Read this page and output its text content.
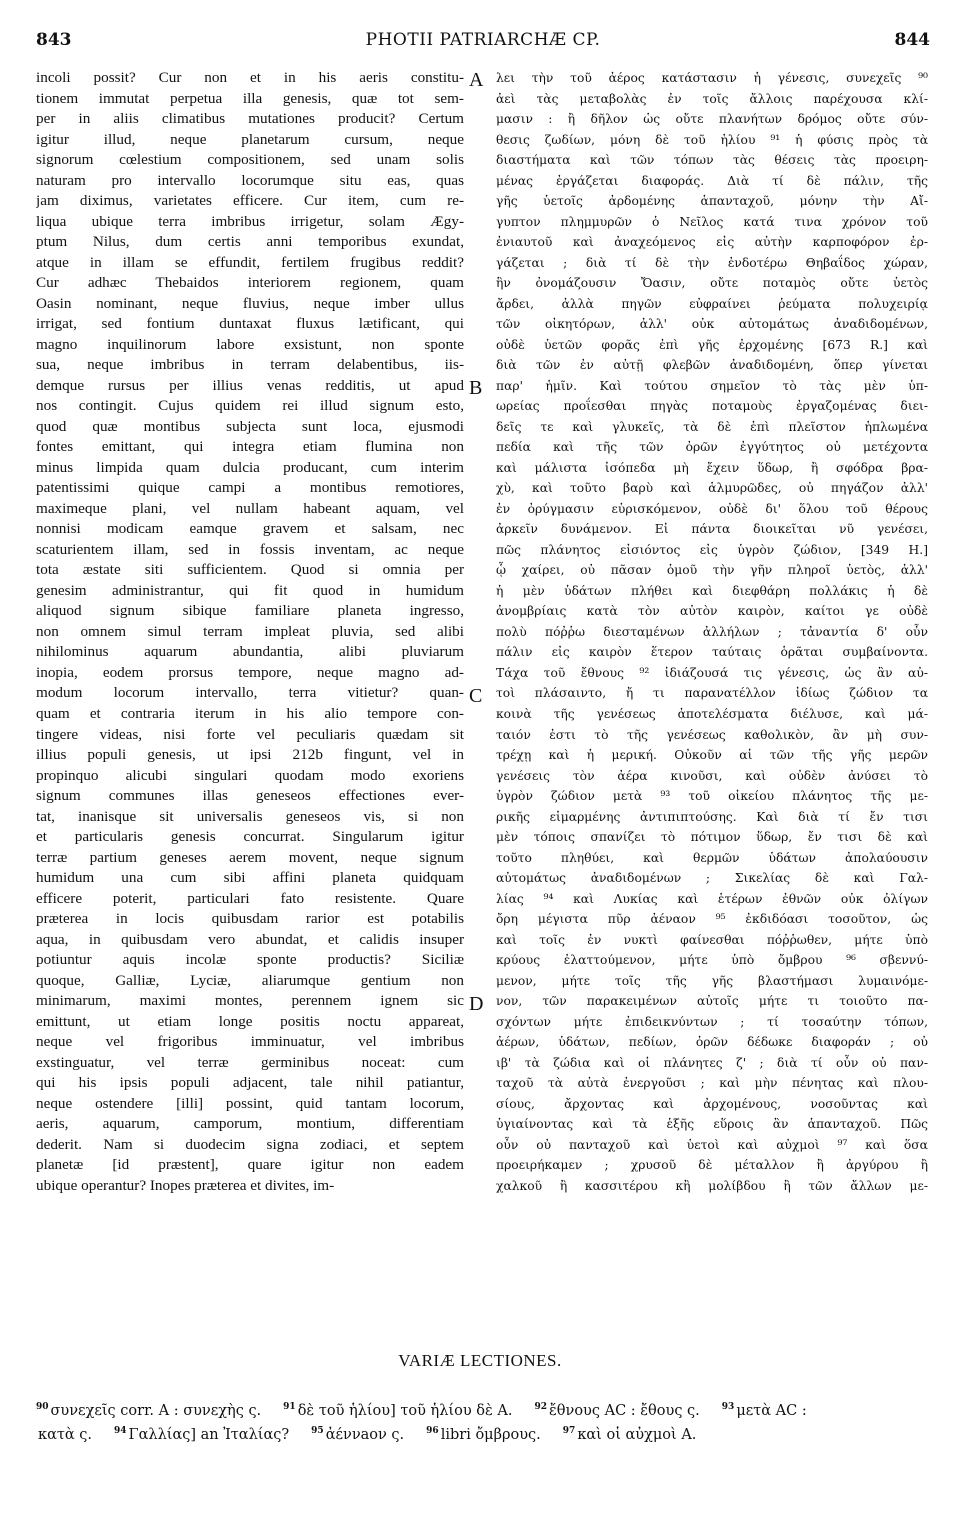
843	PHOTII PATRIARCHÆ CP.	844
incoli possit? Cur non et in his aeris constitu-
tionem immutat perpetua illa genesis, quæ tot sem-
per in aliis climatibus mutationes producit? Certum
igitur illud, neque planetarum cursum, neque
signorum cœlestium compositionem, sed unam solis
naturam pro intervallo locorumque situ eas, quas
jam diximus, varietates efficere. Cur item, cum re-
liqua ubique terra imbribus irrigetur, solam Ægy-
ptum Nilus, dum certis anni temporibus exundat,
atque in illam se effundit, fertilem frugibus reddit?
Cur adhæc Thebaidos interiorem regionem, quam
Oasin nominant, neque fluvius, neque imber ullus
irrigat, sed fontium duntaxat fluxus lætificant, qui
magno inquilinorum labore exsistunt, non sponte
sua, neque imbribus in terram delabentibus, iis-
demque rursus per illius venas redditis, ut apud
nos contingit. Cujus quidem rei illud signum esto,
quod quæ montibus subjecta sunt loca, ejusmodi
fontes emittant, qui integra etiam flumina non
minus limpida quam dulcia producant, cum interim
patentissimi quique campi a montibus remotiores,
maximeque plani, vel nullam habeant aquam, vel
nonnisi modicam eamque gravem et salsam, nec
scaturientem illam, sed in fossis inventam, ac neque
tota æstate siti sufficientem. Quod si omnia per
genesim administrantur, qui fit quod in humidum
aliquod signum sibique familiare planeta ingresso,
non omnem simul terram impleat pluvia, sed alibi
nihilominus aquarum abundantia, alibi pluviarum
inopia, eodem prorsus tempore, neque magno ad-
modum locorum intervallo, terra vitietur? quan-
quam et contraria iterum in his alio tempore con-
tingere videas, nisi forte vel peculiaris quædam sit
illius populi genesis, ut ipsi 212b fingunt, vel in
propinquo alicubi singulari quodam modo exoriens
signum communes illas geneseos effectiones ever-
tat, inanisque sit universalis geneseos vis, si non
et particularis genesis concurrat. Singularum igitur
terræ partium geneses aerem movent, neque signum
humidum una cum sibi affini planeta quidquam
efficere poterit, particulari fato resistente. Quare
præterea in locis quibusdam rarior est potabilis
aqua, in quibusdam vero abundat, et calidis insuper
potiuntur aquis incolæ sponte productis? Siciliæ
quoque, Galliæ, Lyciæ, aliarumque gentium non
minimarum, maximi montes, perennem ignem sic
emittunt, ut etiam longe positis noctu appareat,
neque vel frigoribus imminuatur, vel imbribus
exstinguatur, vel terræ germinibus noceat: cum
qui his ipsis populi adjacent, tale nihil patiantur,
neque ostendere [illi] possint, quid tantam locorum,
aeris, aquarum, camporum, montium, differentiam
dederit. Nam si duodecim signa zodiaci, et septem
planetæ [id præstent], quare igitur non eadem
ubique operantur? Inopes præterea et divites, im-
λει τὴν τοῦ ἀέρος κατάστασιν ἡ γένεσις, συνεχεῖς ⁹⁰
ἀεὶ τὰς μεταβολὰς ἐν τοῖς ἄλλοις παρέχουσα κλί-
μασιν : ἢ δῆλον ὡς οὔτε πλανήτων δρόμος οὔτε σύν-
θεσις ζωδίων, μόνη δὲ τοῦ ἡλίου ⁹¹ ἡ φύσις πρὸς τὰ
διαστήματα καὶ τῶν τόπων τὰς θέσεις τὰς προειρη-
μένας ἐργάζεται διαφοράς. Διὰ τί δὲ πάλιν, τῆς
γῆς ὑετοῖς ἀρδομένης ἁπανταχοῦ, μόνην τὴν Αἴ-
γυπτον πλημμυρῶν ὁ Νεῖλος κατά τινα χρόνον τοῦ
ἐνιαυτοῦ καὶ ἀναχεόμενος εἰς αὐτὴν καρποφόρον ἐρ-
γάζεται ; διὰ τί δὲ τὴν ἐνδοτέρω Θηβαΐδος χώραν,
ἣν ὀνομάζουσιν Ὄασιν, οὔτε ποταμὸς οὔτε ὑετὸς
ἄρδει, ἀλλὰ πηγῶν εὐφραίνει ῥεύματα πολυχειρίᾳ
τῶν οἰκητόρων, ἀλλ' οὐκ αὐτομάτως ἀναδιδομένων,
οὐδὲ ὑετῶν φορᾶς ἐπὶ γῆς ἐρχομένης [673 R.] καὶ
διὰ τῶν ἐν αὐτῇ φλεβῶν ἀναδιδομένη, ὅπερ γίνεται
παρ' ἡμῖν. Καὶ τούτου σημεῖον τὸ τὰς μὲν ὑπ-
ωρείας προΐεσθαι πηγὰς ποταμοὺς ἐργαζομένας διει-
δεῖς τε καὶ γλυκεῖς, τὰ δὲ ἐπὶ πλεῖστον ἡπλωμένα
πεδία καὶ τῆς τῶν ὀρῶν ἐγγύτητος οὐ μετέχοντα
καὶ μάλιστα ἰσόπεδα μὴ ἔχειν ὕδωρ, ἢ σφόδρα βρα-
χὺ, καὶ τοῦτο βαρὺ καὶ ἁλμυρῶδες, οὐ πηγάζον ἀλλ'
ἐν ὀρύγμασιν εὑρισκόμενον, οὐδὲ δι' ὅλου τοῦ θέρους
ἀρκεῖν δυνάμενον. Εἰ πάντα διοικεῖται νῦ γενέσει,
πῶς πλάνητος εἰσιόντος εἰς ὑγρὸν ζώδιον, [349 H.]
ᾧ χαίρει, οὐ πᾶσαν ὁμοῦ τὴν γῆν πληροῖ ὑετὸς, ἀλλ'
ἡ μὲν ὑδάτων πλήθει καὶ διεφθάρη πολλάκις ἡ δὲ
ἀνομβρίαις κατὰ τὸν αὐτὸν καιρὸν, καίτοι γε οὐδὲ
πολὺ πόῤῥω διεσταμένων ἀλλήλων ; τἀναντία δ' οὖν
πάλιν εἰς καιρὸν ἕτερον ταύταις ὁρᾶται συμβαίνοντα.
Τάχα τοῦ ἔθνους ⁹² ἰδιάζουσά τις γένεσις, ὡς ἂν αὐ-
τοὶ πλάσαιντο, ἤ τι παρανατέλλον ἰδίως ζώδιον τα
κοινὰ τῆς γενέσεως ἀποτελέσματα διέλυσε, καὶ μά-
ταιόν ἐστι τὸ τῆς γενέσεως καθολικὸν, ἂν μὴ συν-
τρέχῃ καὶ ἡ μερική. Οὐκοῦν αἱ τῶν τῆς γῆς μερῶν
γενέσεις τὸν ἀέρα κινοῦσι, καὶ οὐδὲν ἀνύσει τὸ
ὑγρὸν ζώδιον μετὰ ⁹³ τοῦ οἰκείου πλάνητος τῆς με-
ρικῆς εἱμαρμένης ἀντιπιπτούσης. Καὶ διὰ τί ἔν τισι
μὲν τόποις σπανίζει τὸ πότιμον ὕδωρ, ἔν τισι δὲ καὶ
τοῦτο πληθύει, καὶ θερμῶν ὑδάτων ἀπολαύουσιν
αὐτομάτως ἀναδιδομένων ; Σικελίας δὲ καὶ Γαλ-
λίας ⁹⁴ καὶ Λυκίας καὶ ἑτέρων ἐθνῶν οὐκ ὀλίγων
ὄρη μέγιστα πῦρ ἀέναον ⁹⁵ ἐκδιδόασι τοσοῦτον, ὡς
καὶ τοῖς ἐν νυκτὶ φαίνεσθαι πόῤῥωθεν, μήτε ὑπὸ
κρύους ἐλαττούμενον, μήτε ὑπὸ ὄμβρου ⁹⁶ σβεννύ-
μενον, μήτε τοῖς τῆς γῆς βλαστήμασι λυμαινόμε-
νον, τῶν παρακειμένων αὐτοῖς μήτε τι τοιοῦτο πα-
σχόντων μήτε ἐπιδεικνύντων ; τί τοσαύτην τόπων,
ἀέρων, ὑδάτων, πεδίων, ὀρῶν δέδωκε διαφοράν ; οὐ
ιβ' τὰ ζώδια καὶ οἱ πλάνητες ζ' ; διὰ τί οὖν οὐ παν-
ταχοῦ τὰ αὐτὰ ἐνεργοῦσι ; καὶ μὴν πένητας καὶ πλου-
σίους, ἄρχοντας καὶ ἀρχομένους, νοσοῦντας καὶ
ὑγιαίνοντας καὶ τὰ ἑξῆς εὕροις ἂν ἁπανταχοῦ. Πῶς
οὖν οὐ πανταχοῦ καὶ ὑετοὶ καὶ αὐχμοὶ ⁹⁷ καὶ ὅσα
προειρήκαμεν ; χρυσοῦ δὲ μέταλλον ἢ ἀργύρου ἢ
χαλκοῦ ἢ κασσιτέρου κἢ μολίβδου ἢ τῶν ἄλλων με-
A
B
C
D
VARIÆ LECTIONES.
$^{90}$ συνεχεῖς corr. A : συνεχὴς ς. $^{91}$ δὲ τοῦ ἡλίου] τοῦ ἡλίου δὲ A. $^{92}$ ἔθνους AC : ἔθους ς. $^{93}$ μετὰ AC :
κατὰ ς. $^{94}$ Γαλλίας] an Ἰταλίας? $^{95}$ ἀέννaον ς. $^{96}$ libri ὄμβρους. $^{97}$ καὶ οἱ αὐχμοὶ A.
